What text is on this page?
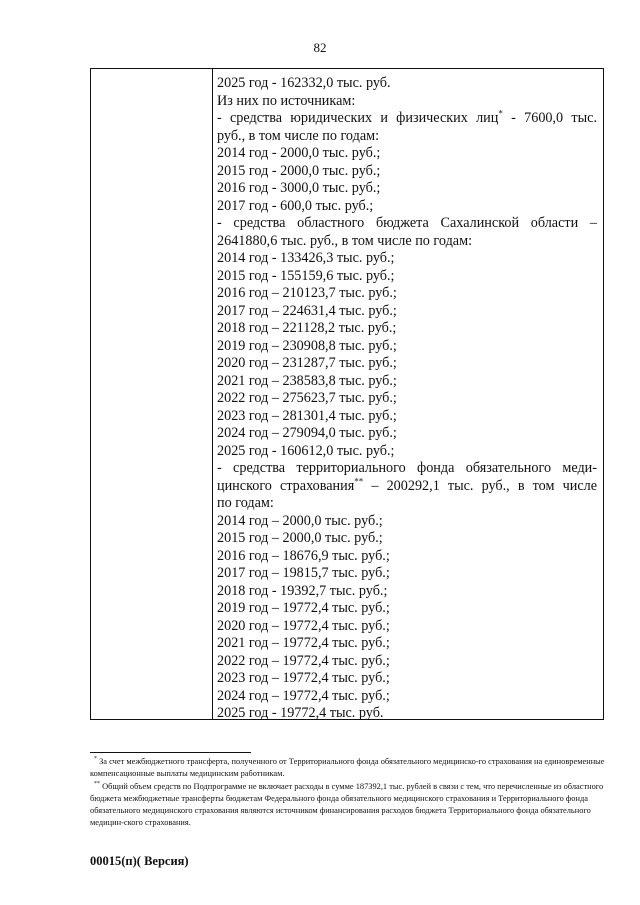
82
2025 год - 162332,0 тыс. руб.
Из них по источникам:
- средства юридических и физических лиц* - 7600,0 тыс.
руб., в том числе по годам:
2014 год - 2000,0 тыс. руб.;
2015 год - 2000,0 тыс. руб.;
2016 год - 3000,0 тыс. руб.;
2017 год - 600,0 тыс. руб.;
- средства областного бюджета Сахалинской области –
2641880,6 тыс. руб., в том числе по годам:
2014 год - 133426,3 тыс. руб.;
2015 год - 155159,6 тыс. руб.;
2016 год – 210123,7 тыс. руб.;
2017 год – 224631,4 тыс. руб.;
2018 год – 221128,2 тыс. руб.;
2019 год – 230908,8 тыс. руб.;
2020 год – 231287,7 тыс. руб.;
2021 год – 238583,8 тыс. руб.;
2022 год – 275623,7 тыс. руб.;
2023 год – 281301,4 тыс. руб.;
2024 год – 279094,0 тыс. руб.;
2025 год - 160612,0 тыс. руб.;
- средства территориального фонда обязательного меди-
цинского страхования** – 200292,1 тыс. руб., в том числе
по годам:
2014 год – 2000,0 тыс. руб.;
2015 год – 2000,0 тыс. руб.;
2016 год – 18676,9 тыс. руб.;
2017 год – 19815,7 тыс. руб.;
2018 год - 19392,7 тыс. руб.;
2019 год – 19772,4 тыс. руб.;
2020 год – 19772,4 тыс. руб.;
2021 год – 19772,4 тыс. руб.;
2022 год – 19772,4 тыс. руб.;
2023 год – 19772,4 тыс. руб.;
2024 год – 19772,4 тыс. руб.;
2025 год - 19772,4 тыс. руб.

* За счет межбюджетного трансферта, полученного от Территориального фонда обязательного медицинско-го страхования на единовременные компенсационные выплаты медицинским работникам.

** Общий объем средств по Подпрограмме не включает расходы в сумме 187392,1 тыс. рублей в связи с тем, что перечисленные из областного бюджета межбюджетные трансферты бюджетам Федерального фонда обязательного медицинского страхования и Территориального фонда обязательного медицинского страхования являются источником финансирования расходов бюджета Территориального фонда обязательного медицин-ского страхования.

00015(п)( Версия)
